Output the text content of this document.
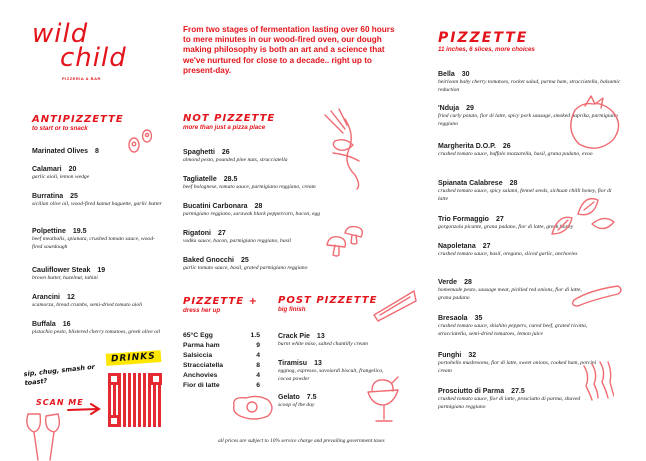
wild
child
PIZZERIA & BAR
From two stages of fermentation lasting over 60 hours to mere minutes in our wood-fired oven, our dough making philosophy is both an art and a science that we've nurtured for close to a decade.. right up to present-day.
ANTIPIZZETTE
to start or to snack
Marinated Olives 8
Calamari 20
garlic aioli, lemon wedge
Burratina 25
sicilian olive oil, wood-fired kamut baguette, garlic butter
Polpettine 19.5
beef meatballs, spianata, crushed tomato sauce, wood-fired sourdough
Cauliflower Steak 19
brown butter, hazelnut, tahini
Arancini 12
scamorza, bread crumbs, semi-dried tomato aioli
Buffala 16
pistachio pesto, blistered cherry tomatoes, greek olive oil
sip, chug, smash or toast?
SCAN ME
DRINKS
NOT PIZZETTE
more than just a pizza place
Spaghetti 26
almond pesto, pounded pine nuts, stracciatella
Tagliatelle 28.5
beef bolognese, tomato sauce, parmigiano reggiano, cream
Bucatini Carbonara 28
parmigiano reggiano, sarawak black peppercorn, bacon, egg
Rigatoni 27
vodka sauce, bacon, parmigiano reggiano, basil
Baked Gnocchi 25
garlic tomato sauce, basil, grated parmigiano reggiano
PIZZETTE +
dress her up
65°C Egg	1.5
Parma ham	9
Salsiccia	4
Stracciatella	8
Anchovies	4
Fior di latte	6
POST PIZZETTE
big finish
Crack Pie 13
burnt white miso, salted chantilly cream
Tiramisu 13
eggnog, espresso, savoiardi biscuit, frangelico, cocoa powder
Gelato 7.5
scoop of the day
PIZZETTE
11 inches, 6 slices, more choices
Bella 30
heirloom baby cherry tomatoes, rocket salad, parma ham, stracciatella, balsamic reduction
'Nduja 29
fried curly potato, fior di latte, spicy pork sausage, smoked paprika, parmigiano reggiano
Margherita D.O.P. 26
crushed tomato sauce, buffalo mozzarella, basil, grana padano, evoo
Spianata Calabrese 28
crushed tomato sauce, spicy salami, fennel seeds, sichuan chilli honey, fior di latte
Trio Formaggio 27
gorgonzola picante, grana padano, fior di latte, greek honey
Napoletana 27
crushed tomato sauce, basil, oregano, sliced garlic, anchovies
Verde 28
homemade pesto, sausage meat, pickled red onions, fior di latte, grana padano
Bresaola 35
crushed tomato sauce, shishito peppers, cured beef, grated ricotta, stracciatella, semi-dried tomatoes, lemon juice
Funghi 32
portobello mushrooms, fior di latte, sweet onions, cooked ham, porcini cream
Prosciutto di Parma 27.5
crushed tomato sauce, fior di latte, prosciutto di parma, shaved parmigiano reggiano
all prices are subject to 10% service charge and prevailing government taxes
